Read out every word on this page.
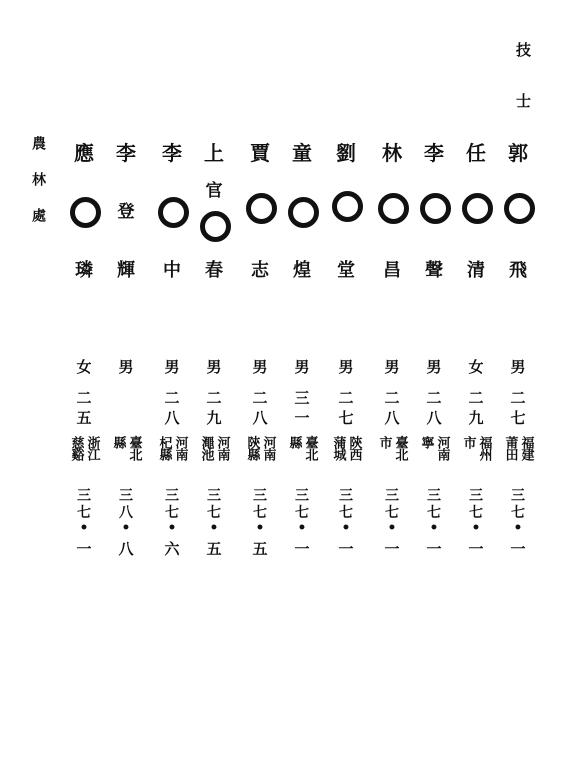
技士
農林處	郭
飛
男
二
七
福建
莆田
三
七
•
一
任
清
女
二
九
福州
市
三
七
•
一
李
聲
男
二
八
河南
寧
三
七
•
一
林
昌
男
二
八
臺北
市
三
七
•
一
劉
堂
男
二
七
陝西
蒲城
三
七
•
一
童
煌
男
三
一
臺北
縣
三
七
•
一
賈
志
男
二
八
河南
陝縣
三
七
•
五
上
官
春
男
二
九
河南
澠池
三
七
•
五
李
中
男
二
八
河南
杞縣
三
七
•
六
李
登
輝
男
臺北
縣
三
八
•
八
應
璘
女
二
五
浙江
慈谿
三
七
•
一
